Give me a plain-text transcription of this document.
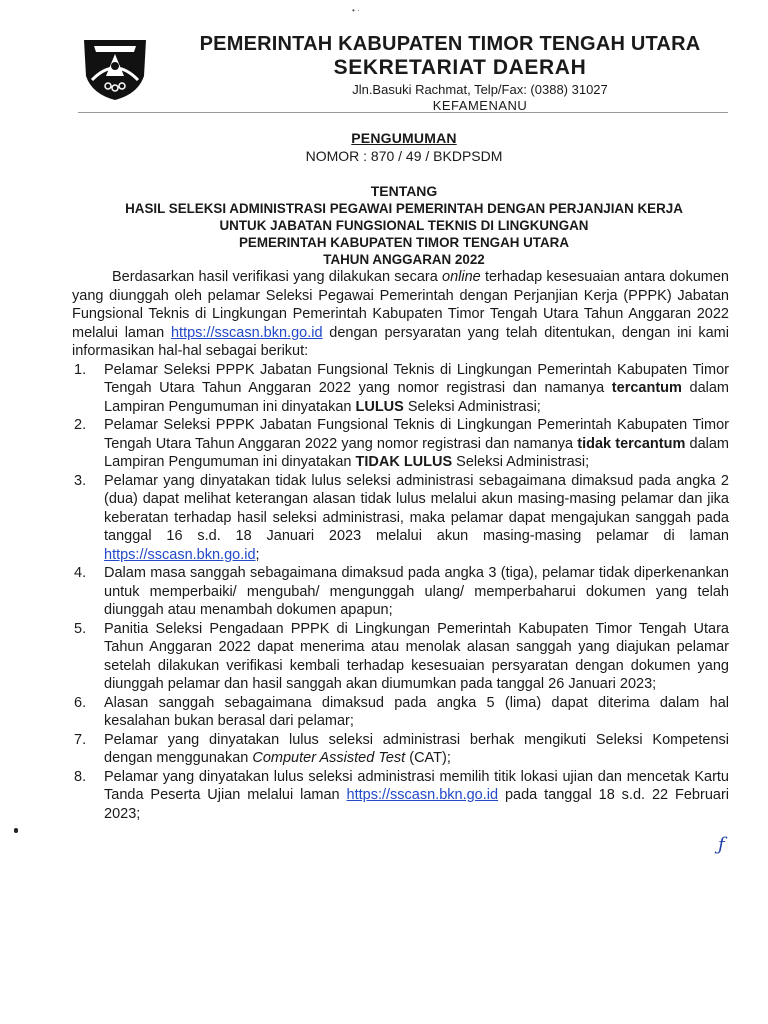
• ·
PEMERINTAH KABUPATEN TIMOR TENGAH UTARA
SEKRETARIAT DAERAH
Jln.Basuki Rachmat, Telp/Fax: (0388) 31027
KEFAMENANU
PENGUMUMAN
NOMOR : 870 / 49 / BKDPSDM
TENTANG
HASIL SELEKSI ADMINISTRASI PEGAWAI PEMERINTAH DENGAN PERJANJIAN KERJA
UNTUK JABATAN FUNGSIONAL TEKNIS DI LINGKUNGAN
PEMERINTAH KABUPATEN TIMOR TENGAH UTARA
TAHUN ANGGARAN 2022

Berdasarkan hasil verifikasi yang dilakukan secara online terhadap kesesuaian antara dokumen yang diunggah oleh pelamar Seleksi Pegawai Pemerintah dengan Perjanjian Kerja (PPPK) Jabatan Fungsional Teknis di Lingkungan Pemerintah Kabupaten Timor Tengah Utara Tahun Anggaran 2022 melalui laman https://sscasn.bkn.go.id dengan persyaratan yang telah ditentukan, dengan ini kami informasikan hal-hal sebagai berikut:

1. Pelamar Seleksi PPPK Jabatan Fungsional Teknis di Lingkungan Pemerintah Kabupaten Timor Tengah Utara Tahun Anggaran 2022 yang nomor registrasi dan namanya tercantum dalam Lampiran Pengumuman ini dinyatakan LULUS Seleksi Administrasi;
2. Pelamar Seleksi PPPK Jabatan Fungsional Teknis di Lingkungan Pemerintah Kabupaten Timor Tengah Utara Tahun Anggaran 2022 yang nomor registrasi dan namanya tidak tercantum dalam Lampiran Pengumuman ini dinyatakan TIDAK LULUS Seleksi Administrasi;
3. Pelamar yang dinyatakan tidak lulus seleksi administrasi sebagaimana dimaksud pada angka 2 (dua) dapat melihat keterangan alasan tidak lulus melalui akun masing-masing pelamar dan jika keberatan terhadap hasil seleksi administrasi, maka pelamar dapat mengajukan sanggah pada tanggal 16 s.d. 18 Januari 2023 melalui akun masing-masing pelamar di laman https://sscasn.bkn.go.id;
4. Dalam masa sanggah sebagaimana dimaksud pada angka 3 (tiga), pelamar tidak diperkenankan untuk memperbaiki/ mengubah/ mengunggah ulang/ memperbaharui dokumen yang telah diunggah atau menambah dokumen apapun;
5. Panitia Seleksi Pengadaan PPPK di Lingkungan Pemerintah Kabupaten Timor Tengah Utara Tahun Anggaran 2022 dapat menerima atau menolak alasan sanggah yang diajukan pelamar setelah dilakukan verifikasi kembali terhadap kesesuaian persyaratan dengan dokumen yang diunggah pelamar dan hasil sanggah akan diumumkan pada tanggal 26 Januari 2023;
6. Alasan sanggah sebagaimana dimaksud pada angka 5 (lima) dapat diterima dalam hal kesalahan bukan berasal dari pelamar;
7. Pelamar yang dinyatakan lulus seleksi administrasi berhak mengikuti Seleksi Kompetensi dengan menggunakan Computer Assisted Test (CAT);
8. Pelamar yang dinyatakan lulus seleksi administrasi memilih titik lokasi ujian dan mencetak Kartu Tanda Peserta Ujian melalui laman https://sscasn.bkn.go.id pada tanggal 18 s.d. 22 Februari 2023;
ƒ
